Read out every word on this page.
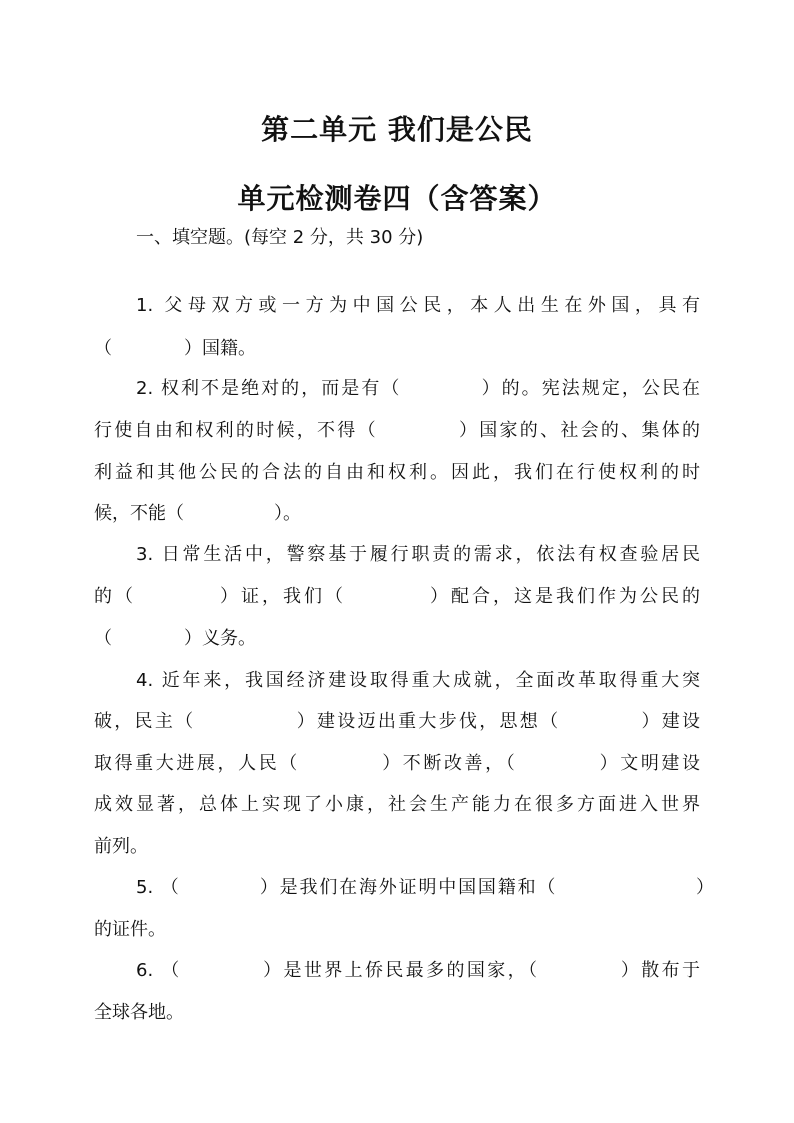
第二单元 我们是公民
单元检测卷四（含答案）
一、填空题。(每空 2 分，共 30 分)
1. 父母双方或一方为中国公民，本人出生在外国，具有
（　　　　）国籍。
2. 权利不是绝对的，而是有（　　　　）的。宪法规定，公民在
行使自由和权利的时候，不得（　　　　）国家的、社会的、集体的
利益和其他公民的合法的自由和权利。因此，我们在行使权利的时
候，不能（　　　　　）。
3. 日常生活中，警察基于履行职责的需求，依法有权查验居民
的（　　　　）证，我们（　　　　）配合，这是我们作为公民的
（　　　　）义务。
4. 近年来，我国经济建设取得重大成就，全面改革取得重大突
破，民主（　　　　　）建设迈出重大步伐，思想（　　　　）建设
取得重大进展，人民（　　　　）不断改善，（　　　　）文明建设
成效显著，总体上实现了小康，社会生产能力在很多方面进入世界
前列。
5. （　　　　）是我们在海外证明中国国籍和（　　　　　　　）
的证件。
6. （　　　　）是世界上侨民最多的国家，（　　　　）散布于
全球各地。
